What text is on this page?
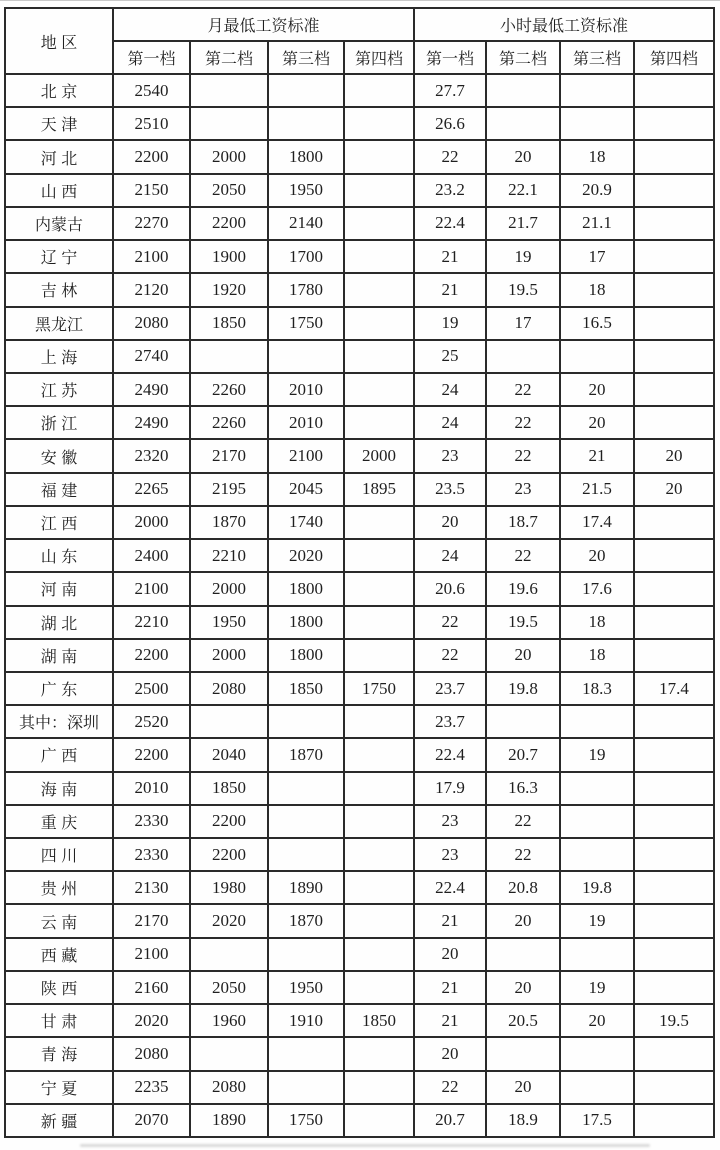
地 区	月最低工资标准				小时最低工资标准			
	第一档	第二档	第三档	第四档	第一档	第二档	第三档	第四档
北 京	2540				27.7			
天 津	2510				26.6			
河 北	2200	2000	1800		22	20	18	
山 西	2150	2050	1950		23.2	22.1	20.9	
内蒙古	2270	2200	2140		22.4	21.7	21.1	
辽 宁	2100	1900	1700		21	19	17	
吉 林	2120	1920	1780		21	19.5	18	
黑龙江	2080	1850	1750		19	17	16.5	
上 海	2740				25			
江 苏	2490	2260	2010		24	22	20	
浙 江	2490	2260	2010		24	22	20	
安 徽	2320	2170	2100	2000	23	22	21	20
福 建	2265	2195	2045	1895	23.5	23	21.5	20
江 西	2000	1870	1740		20	18.7	17.4	
山 东	2400	2210	2020		24	22	20	
河 南	2100	2000	1800		20.6	19.6	17.6	
湖 北	2210	1950	1800		22	19.5	18	
湖 南	2200	2000	1800		22	20	18	
广 东	2500	2080	1850	1750	23.7	19.8	18.3	17.4
其中：深圳	2520				23.7			
广 西	2200	2040	1870		22.4	20.7	19	
海 南	2010	1850			17.9	16.3		
重 庆	2330	2200			23	22		
四 川	2330	2200			23	22		
贵 州	2130	1980	1890		22.4	20.8	19.8	
云 南	2170	2020	1870		21	20	19	
西 藏	2100				20			
陕 西	2160	2050	1950		21	20	19	
甘 肃	2020	1960	1910	1850	21	20.5	20	19.5
青 海	2080				20			
宁 夏	2235	2080			22	20		
新 疆	2070	1890	1750		20.7	18.9	17.5	
